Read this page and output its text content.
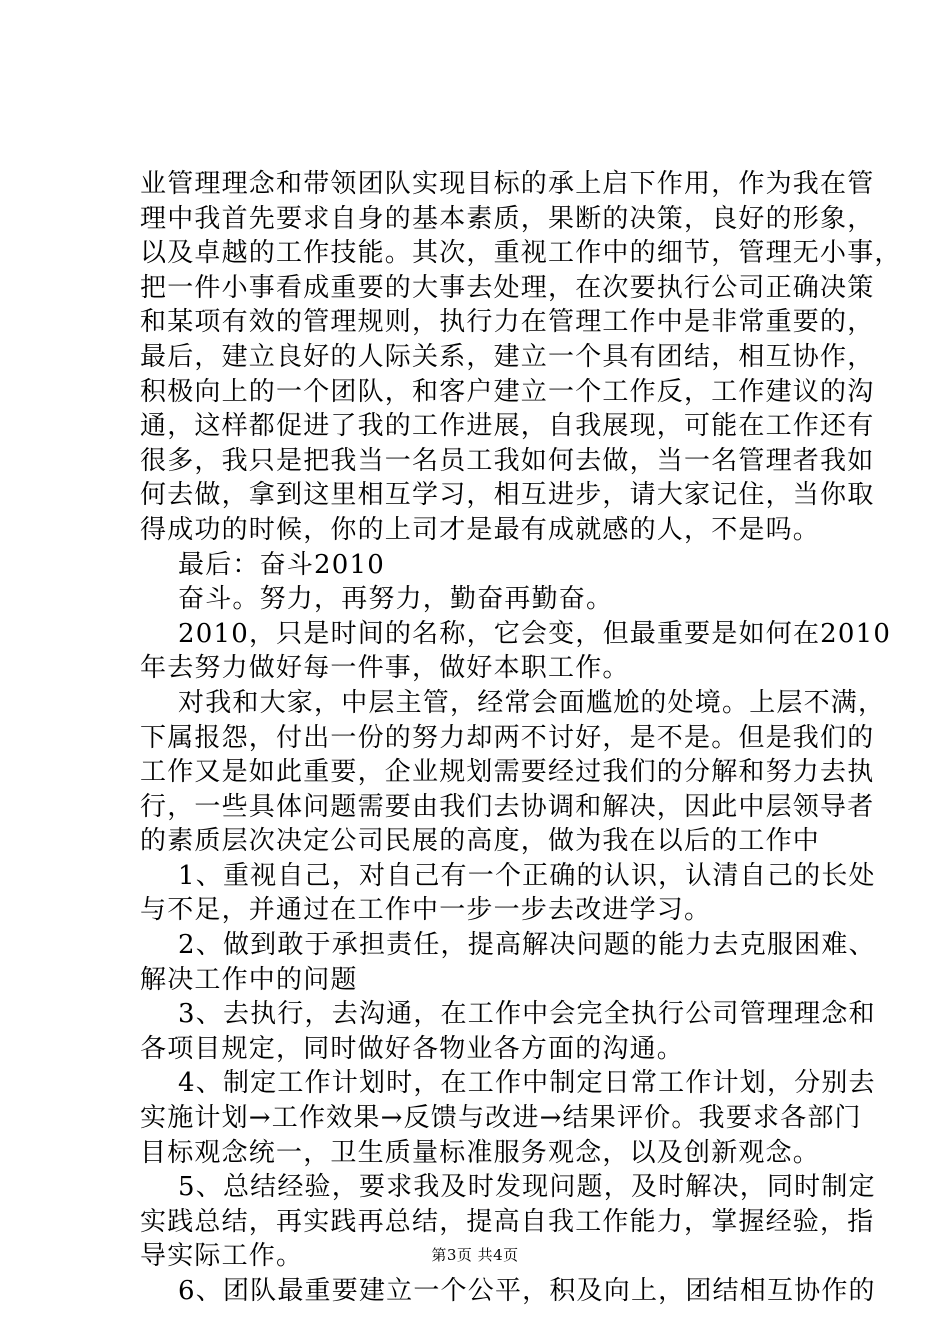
业管理理念和带领团队实现目标的承上启下作用，作为我在管
理中我首先要求自身的基本素质，果断的决策，良好的形象，
以及卓越的工作技能。其次，重视工作中的细节，管理无小事，
把一件小事看成重要的大事去处理，在次要执行公司正确决策
和某项有效的管理规则，执行力在管理工作中是非常重要的，
最后，建立良好的人际关系，建立一个具有团结，相互协作，
积极向上的一个团队，和客户建立一个工作反，工作建议的沟
通，这样都促进了我的工作进展，自我展现，可能在工作还有
很多，我只是把我当一名员工我如何去做，当一名管理者我如
何去做，拿到这里相互学习，相互进步，请大家记住，当你取
得成功的时候，你的上司才是最有成就感的人，不是吗。
最后：奋斗2010
奋斗。努力，再努力，勤奋再勤奋。
2010，只是时间的名称，它会变，但最重要是如何在2010
年去努力做好每一件事，做好本职工作。
对我和大家，中层主管，经常会面尴尬的处境。上层不满，
下属报怨，付出一份的努力却两不讨好，是不是。但是我们的
工作又是如此重要，企业规划需要经过我们的分解和努力去执
行，一些具体问题需要由我们去协调和解决，因此中层领导者
的素质层次决定公司民展的高度，做为我在以后的工作中
1、重视自己，对自己有一个正确的认识，认清自己的长处
与不足，并通过在工作中一步一步去改进学习。
2、做到敢于承担责任，提高解决问题的能力去克服困难、
解决工作中的问题
3、去执行，去沟通，在工作中会完全执行公司管理理念和
各项目规定，同时做好各物业各方面的沟通。
4、制定工作计划时，在工作中制定日常工作计划，分别去
实施计划→工作效果→反馈与改进→结果评价。我要求各部门
目标观念统一，卫生质量标准服务观念，以及创新观念。
5、总结经验，要求我及时发现问题，及时解决，同时制定
实践总结，再实践再总结，提高自我工作能力，掌握经验，指
导实际工作。
6、团队最重要建立一个公平，积及向上，团结相互协作的
第3页 共4页
